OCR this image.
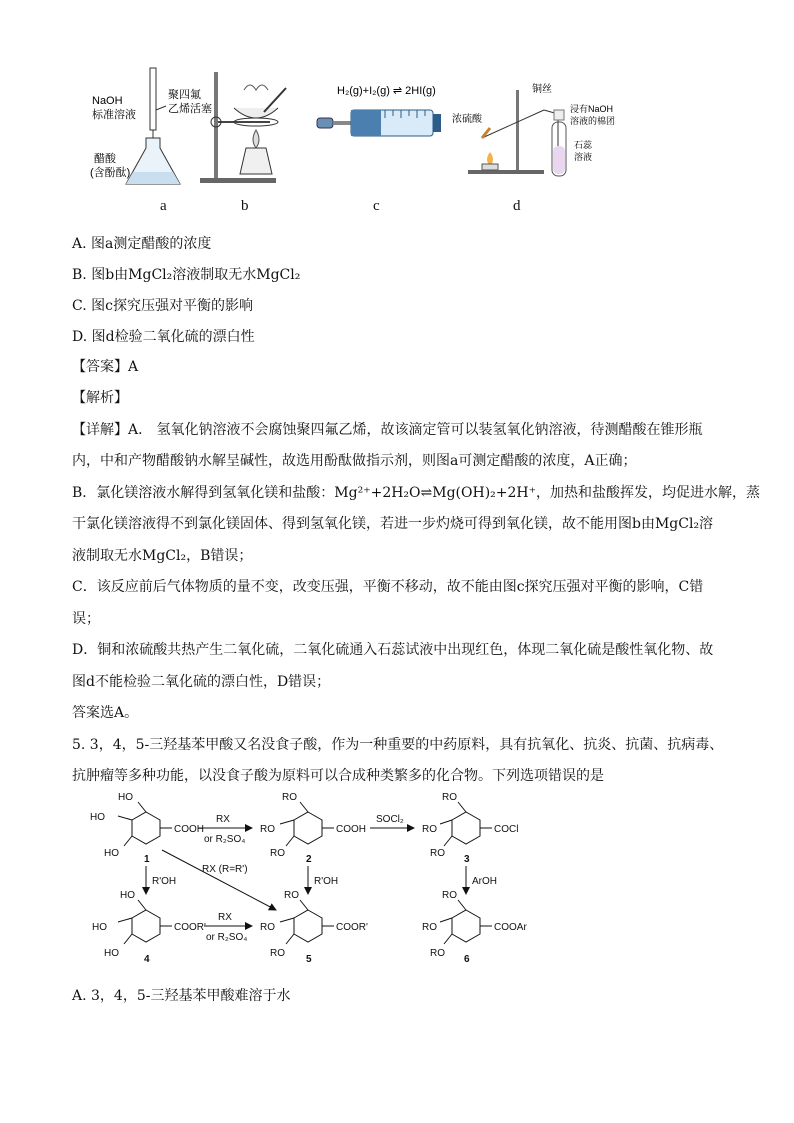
NaOH
标准溶液
聚四氟
乙烯活塞
醋酸
(含酚酞)
a	b
H₂(g)+I₂(g) ⇌ 2HI(g)
c
铜丝
浓硫酸
浸有NaOH
溶液的棉团
石蕊
溶液
d
A. 图a测定醋酸的浓度
B. 图b由MgCl₂溶液制取无水MgCl₂
C. 图c探究压强对平衡的影响
D. 图d检验二氧化硫的漂白性
【答案】A
【解析】
【详解】A． 氢氧化钠溶液不会腐蚀聚四氟乙烯，故该滴定管可以装氢氧化钠溶液，待测醋酸在锥形瓶
内，中和产物醋酸钠水解呈碱性，故选用酚酞做指示剂，则图a可测定醋酸的浓度，A正确；
B．氯化镁溶液水解得到氢氧化镁和盐酸：Mg²⁺+2H₂O⇌Mg(OH)₂+2H⁺，加热和盐酸挥发，均促进水解，蒸
干氯化镁溶液得不到氯化镁固体、得到氢氧化镁，若进一步灼烧可得到氧化镁，故不能用图b由MgCl₂溶
液制取无水MgCl₂，B错误；
C．该反应前后气体物质的量不变，改变压强，平衡不移动，故不能由图c探究压强对平衡的影响，C错
误；
D．铜和浓硫酸共热产生二氧化硫，二氧化硫通入石蕊试液中出现红色，体现二氧化硫是酸性氧化物、故
图d不能检验二氧化硫的漂白性，D错误；
答案选A。
5. 3，4，5-三羟基苯甲酸又名没食子酸，作为一种重要的中药原料，具有抗氧化、抗炎、抗菌、抗病毒、
抗肿瘤等多种功能，以没食子酸为原料可以合成种类繁多的化合物。下列选项错误的是
HO
HO
HO
COOH
1
RO
RO
RO
COOH
2
RO
RO
RO
COCl
3
HO
HO
HO
COOR'
4
RO
RO
RO
COOR'
5
RO
RO
RO
COOAr
6
RX
or R₂SO₄
SOCl₂
RX (R=R')
R'OH	R'OH	ArOH
RX
or R₂SO₄
A. 3，4，5-三羟基苯甲酸难溶于水
